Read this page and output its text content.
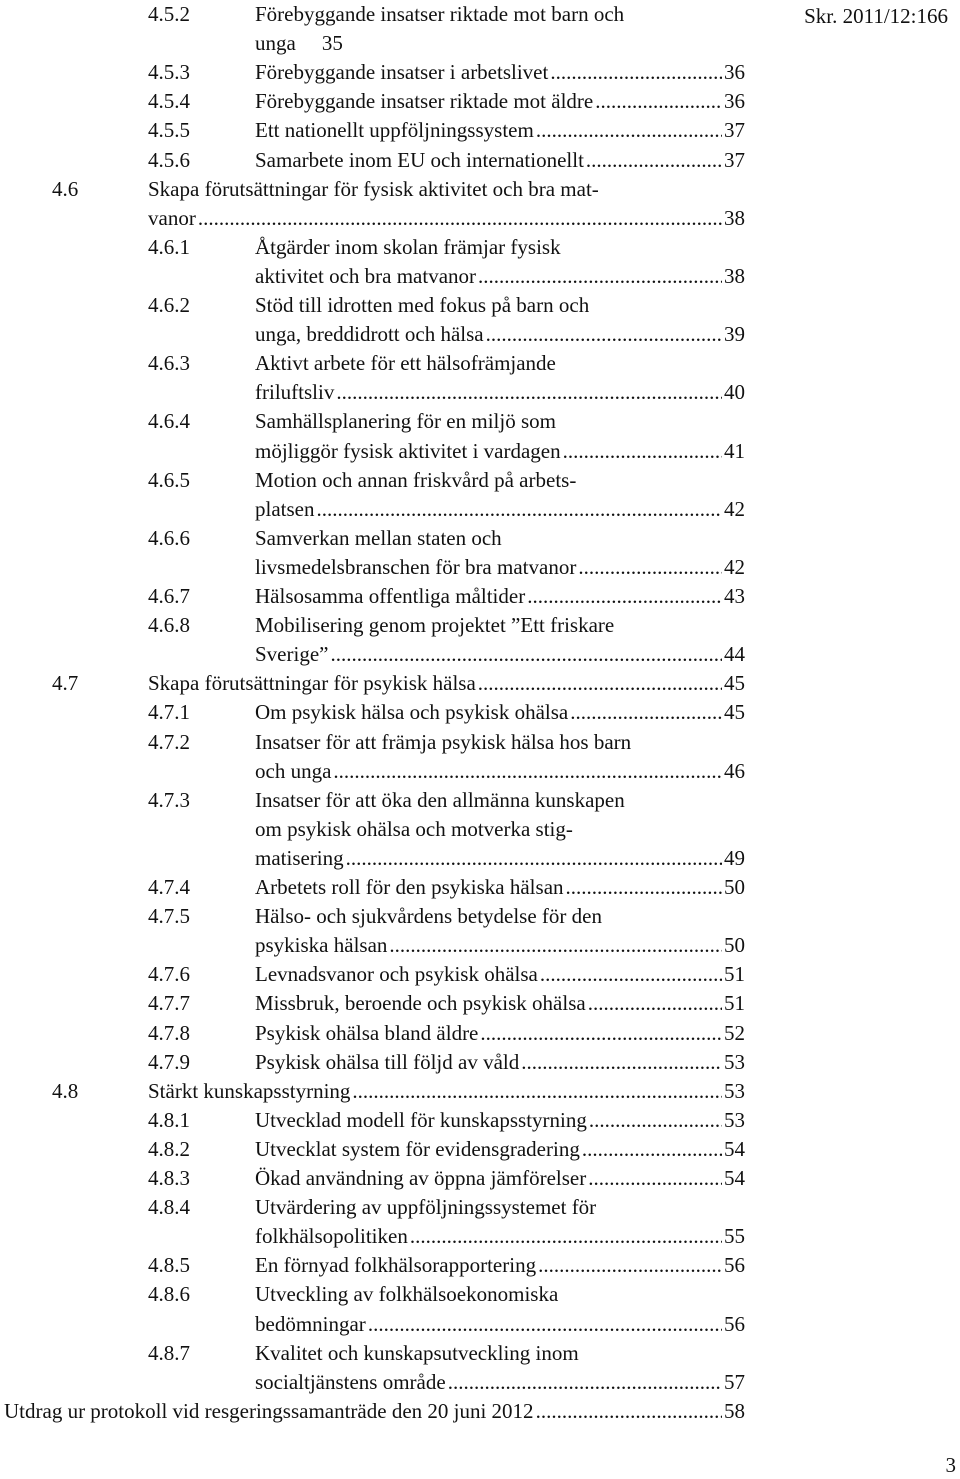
Skr. 2011/12:166
4.5.2	Förebyggande insatser riktade mot barn och
unga 35
4.5.3	Förebyggande insatser i arbetslivet .....	36
4.5.4	Förebyggande insatser riktade mot äldre .....	36
4.5.5	Ett nationellt uppföljningssystem .....	37
4.5.6	Samarbete inom EU och internationellt .....	37
4.6	Skapa förutsättningar för fysisk aktivitet och bra mat-
vanor .....	38
4.6.1	Åtgärder inom skolan främjar fysisk
aktivitet och bra matvanor .....	38
4.6.2	Stöd till idrotten med fokus på barn och
unga, breddidrott och hälsa .....	39
4.6.3	Aktivt arbete för ett hälsofrämjande
friluftsliv .....	40
4.6.4	Samhällsplanering för en miljö som
möjliggör fysisk aktivitet i vardagen .....	41
4.6.5	Motion och annan friskvård på arbets-
platsen .....	42
4.6.6	Samverkan mellan staten och
livsmedelsbranschen för bra matvanor .....	42
4.6.7	Hälsosamma offentliga måltider .....	43
4.6.8	Mobilisering genom projektet ”Ett friskare
Sverige” .....	44
4.7	Skapa förutsättningar för psykisk hälsa .....	45
4.7.1	Om psykisk hälsa och psykisk ohälsa .....	45
4.7.2	Insatser för att främja psykisk hälsa hos barn
och unga .....	46
4.7.3	Insatser för att öka den allmänna kunskapen
om psykisk ohälsa och motverka stig-
matisering .....	49
4.7.4	Arbetets roll för den psykiska hälsan .....	50
4.7.5	Hälso- och sjukvårdens betydelse för den
psykiska hälsan .....	50
4.7.6	Levnadsvanor och psykisk ohälsa .....	51
4.7.7	Missbruk, beroende och psykisk ohälsa .....	51
4.7.8	Psykisk ohälsa bland äldre .....	52
4.7.9	Psykisk ohälsa till följd av våld .....	53
4.8	Stärkt kunskapsstyrning .....	53
4.8.1	Utvecklad modell för kunskapsstyrning .....	53
4.8.2	Utvecklat system för evidensgradering .....	54
4.8.3	Ökad användning av öppna jämförelser .....	54
4.8.4	Utvärdering av uppföljningssystemet för
folkhälsopolitiken .....	55
4.8.5	En förnyad folkhälsorapportering .....	56
4.8.6	Utveckling av folkhälsoekonomiska
bedömningar .....	56
4.8.7	Kvalitet och kunskapsutveckling inom
socialtjänstens område .....	57
Utdrag ur protokoll vid resgeringssamanträde den 20 juni 2012 .....	58
3
